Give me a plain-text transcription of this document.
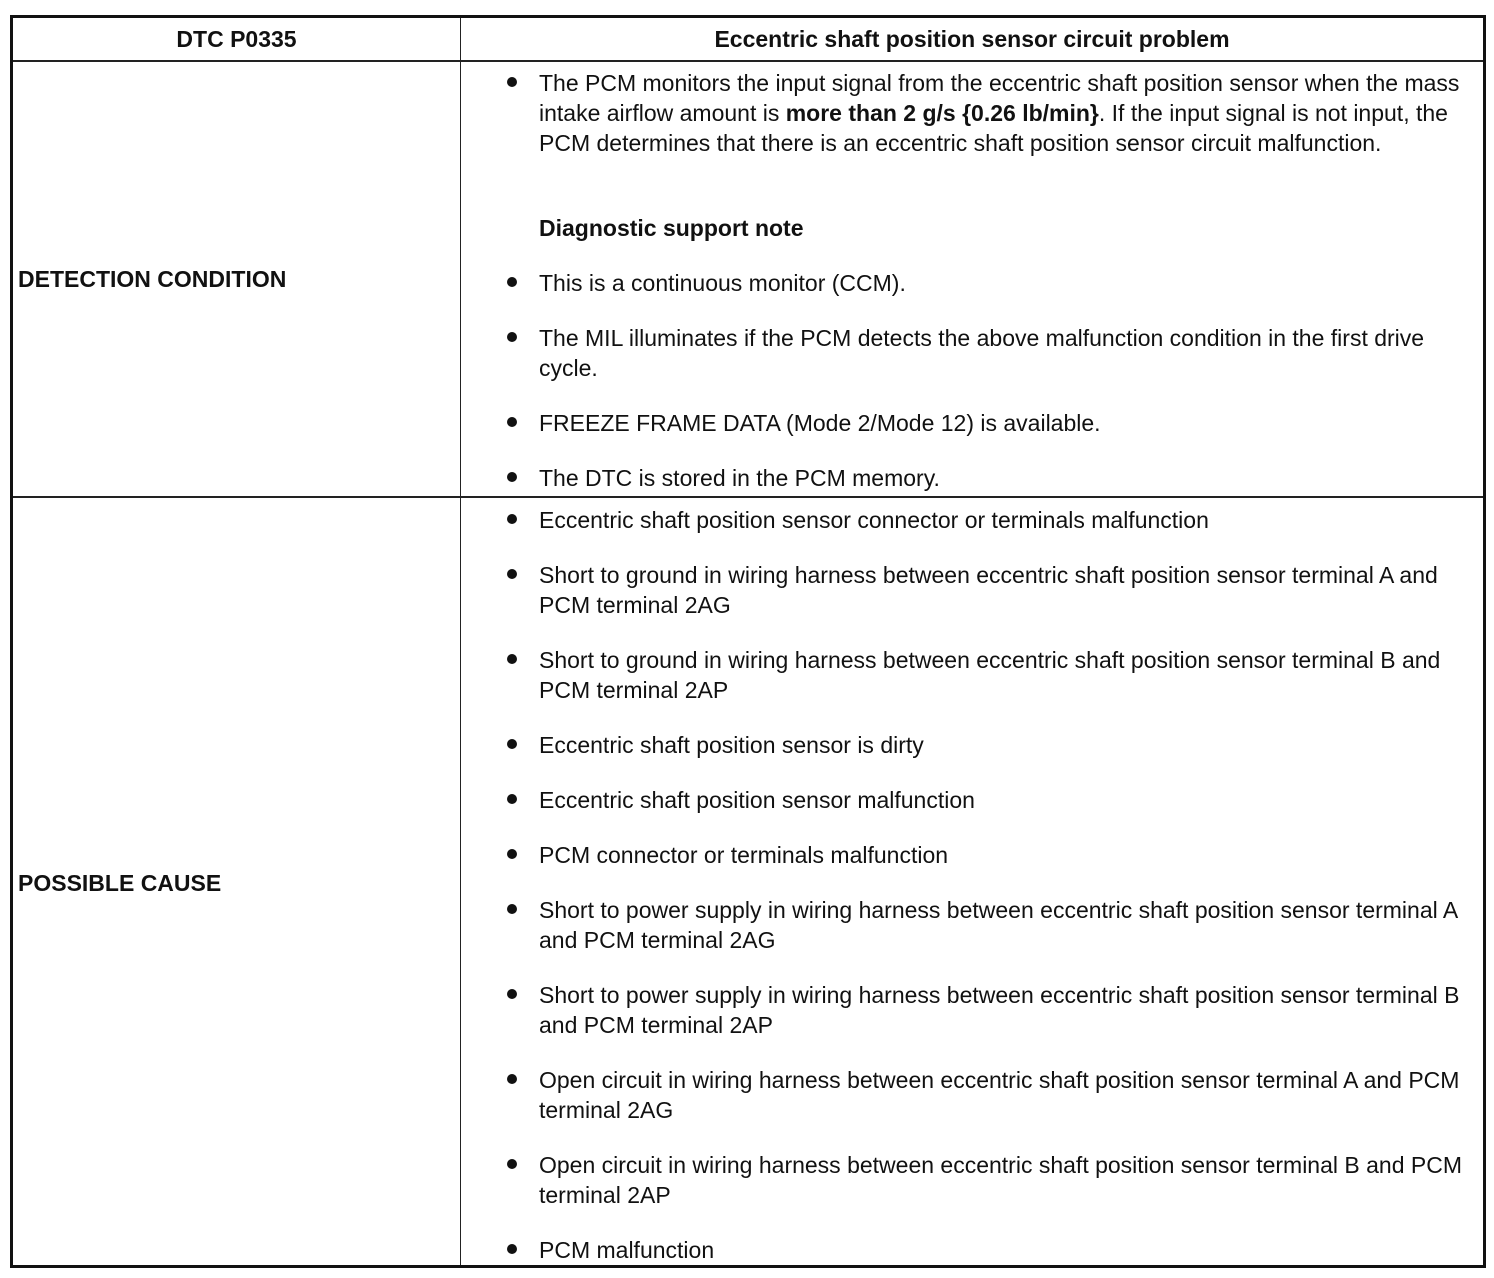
DTC P0335	Eccentric shaft position sensor circuit problem
DETECTION CONDITION
POSSIBLE CAUSE
The PCM monitors the input signal from the eccentric shaft position sensor when the mass intake airflow amount is more than 2 g/s {0.26 lb/min}. If the input signal is not input, the PCM determines that there is an eccentric shaft position sensor circuit malfunction.
Diagnostic support note
This is a continuous monitor (CCM).
The MIL illuminates if the PCM detects the above malfunction condition in the first drive cycle.
FREEZE FRAME DATA (Mode 2/Mode 12) is available.
The DTC is stored in the PCM memory.
Eccentric shaft position sensor connector or terminals malfunction
Short to ground in wiring harness between eccentric shaft position sensor terminal A and PCM terminal 2AG
Short to ground in wiring harness between eccentric shaft position sensor terminal B and PCM terminal 2AP
Eccentric shaft position sensor is dirty
Eccentric shaft position sensor malfunction
PCM connector or terminals malfunction
Short to power supply in wiring harness between eccentric shaft position sensor terminal A and PCM terminal 2AG
Short to power supply in wiring harness between eccentric shaft position sensor terminal B and PCM terminal 2AP
Open circuit in wiring harness between eccentric shaft position sensor terminal A and PCM terminal 2AG
Open circuit in wiring harness between eccentric shaft position sensor terminal B and PCM terminal 2AP
PCM malfunction
